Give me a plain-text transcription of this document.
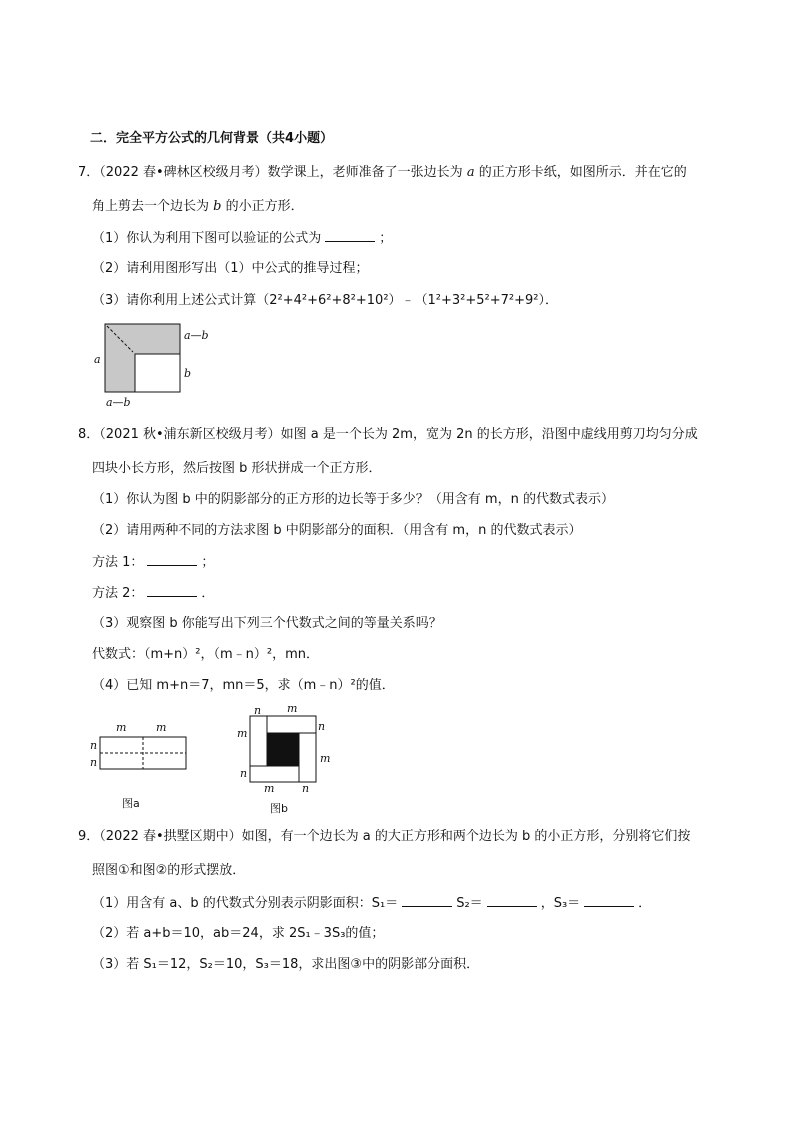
二．完全平方公式的几何背景（共4小题）
7．（2022 春•碑林区校级月考）数学课上，老师准备了一张边长为 a 的正方形卡纸，如图所示．并在它的
角上剪去一个边长为 b 的小正方形．
（1）你认为利用下图可以验证的公式为	；
（2）请利用图形写出（1）中公式的推导过程；
（3）请你利用上述公式计算（2²+4²+6²+8²+10²）﹣（1²+3²+5²+7²+9²）．
a—b
a
b
a—b
8．（2021 秋•浦东新区校级月考）如图 a 是一个长为 2m，宽为 2n 的长方形，沿图中虚线用剪刀均匀分成
四块小长方形，然后按图 b 形状拼成一个正方形．
（1）你认为图 b 中的阴影部分的正方形的边长等于多少？（用含有 m，n 的代数式表示）
（2）请用两种不同的方法求图 b 中阴影部分的面积．（用含有 m，n 的代数式表示）
方法 1：	；
方法 2：	．
（3）观察图 b 你能写出下列三个代数式之间的等量关系吗？
代数式：（m+n）²，（m﹣n）²，mn．
（4）已知 m+n＝7，mn＝5，求（m﹣n）²的值．
m	m
n
n
图a
n m
m
n
m
n
m	n
图b
9．（2022 春•拱墅区期中）如图，有一个边长为 a 的大正方形和两个边长为 b 的小正方形，分别将它们按
照图①和图②的形式摆放．
（1）用含有 a、b 的代数式分别表示阴影面积：S₁＝	S₂＝	，S₃＝	．
（2）若 a+b＝10，ab＝24，求 2S₁﹣3S₃的值；
（3）若 S₁＝12，S₂＝10，S₃＝18，求出图③中的阴影部分面积．
